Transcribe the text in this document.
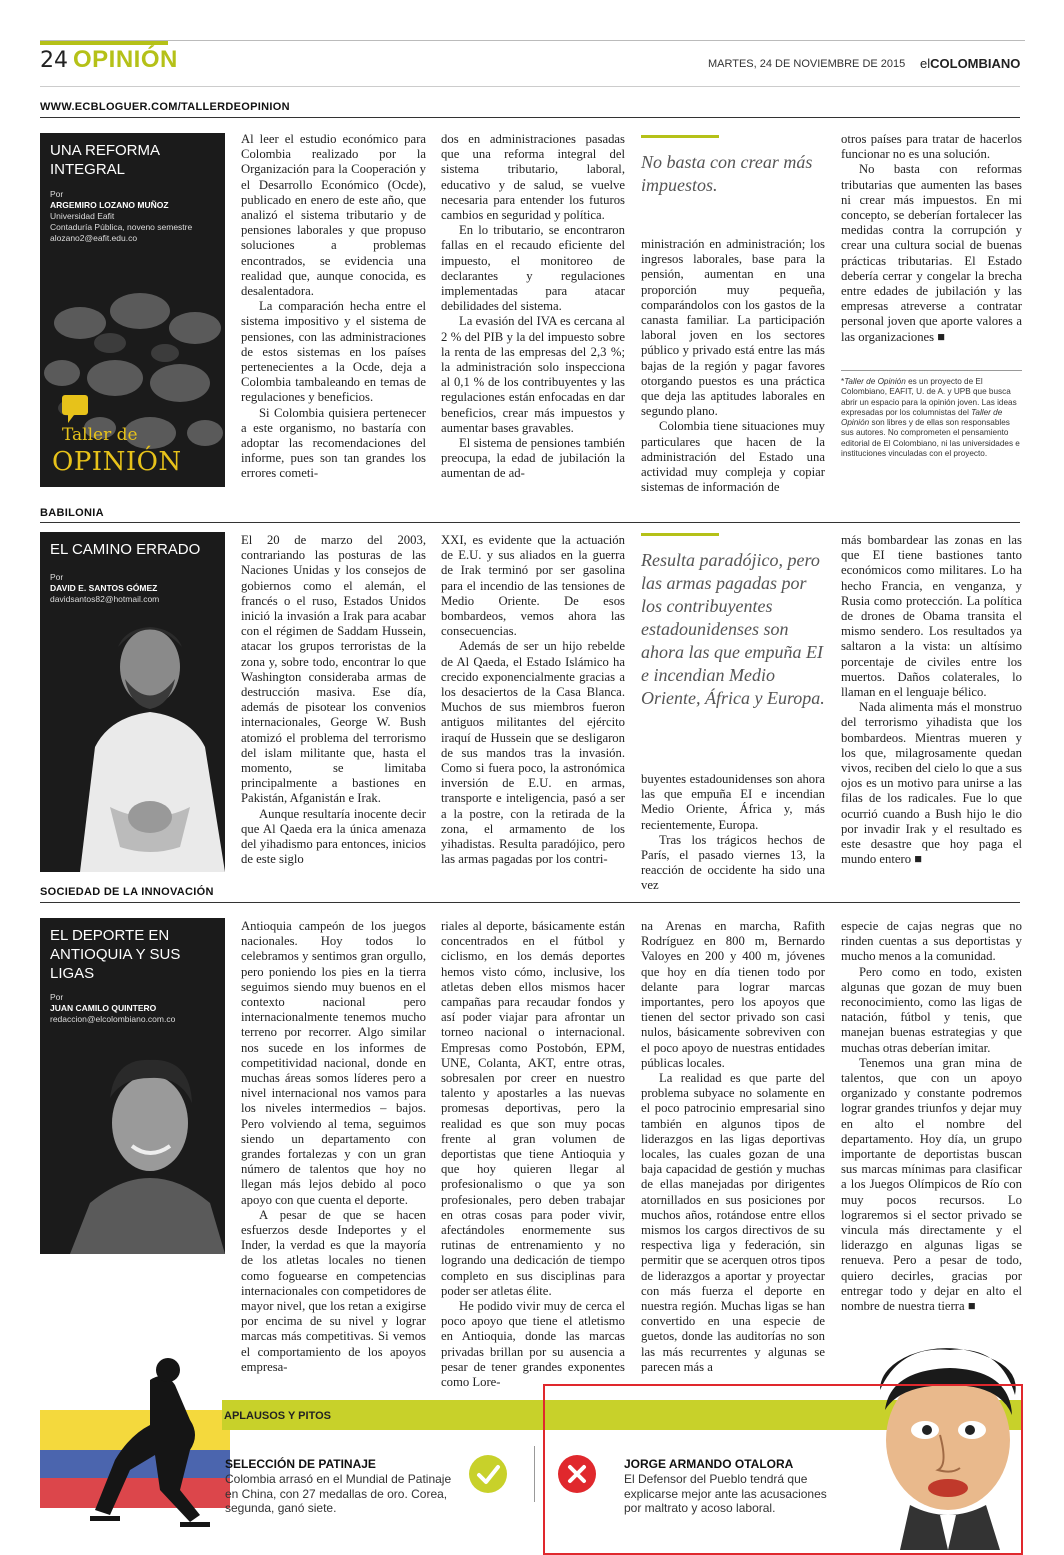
24 OPINIÓN	MARTES, 24 DE NOVIEMBRE DE 2015 elCOLOMBIANO
WWW.ECBLOGUER.COM/TALLERDEOPINION
UNA REFORMA INTEGRAL
Por
ARGEMIRO LOZANO MUÑOZ
Universidad Eafit
Contaduría Pública, noveno semestre
alozano2@eafit.edu.co
Taller de
OPINIÓN

Al leer el estudio económico para Colombia realizado por la Organización para la Cooperación y el Desarrollo Económico (Ocde), publicado en enero de este año, que analizó el sistema tributario y de pensiones laborales y que propuso soluciones a problemas encontrados, se evidencia una realidad que, aunque conocida, es desalentadora.

La comparación hecha entre el sistema impositivo y el sistema de pensiones, con las administraciones de estos sistemas en los países pertenecientes a la Ocde, deja a Colombia tambaleando en temas de regulaciones y beneficios.

Si Colombia quisiera pertenecer a este organismo, no bastaría con adoptar las recomendaciones del informe, pues son tan grandes los errores cometi-

dos en administraciones pasadas que una reforma integral del sistema tributario, laboral, educativo y de salud, se vuelve necesaria para entender los futuros cambios en seguridad y política.

En lo tributario, se encontraron fallas en el recaudo eficiente del impuesto, el monitoreo de declarantes y regulaciones implementadas para atacar debilidades del sistema.

La evasión del IVA es cercana al 2 % del PIB y la del impuesto sobre la renta de las empresas del 2,3 %; la administración solo inspecciona al 0,1 % de los contribuyentes y las regulaciones están enfocadas en dar beneficios, crear más impuestos y aumentar bases gravables.

El sistema de pensiones también preocupa, la edad de jubilación la aumentan de ad-

No basta con crear más impuestos.

ministración en administración; los ingresos laborales, base para la pensión, aumentan en una proporción muy pequeña, comparándolos con los gastos de la canasta familiar. La participación laboral joven en los sectores público y privado está entre las más bajas de la región y pagar favores otorgando puestos es una práctica que deja las aptitudes laborales en segundo plano.

Colombia tiene situaciones muy particulares que hacen de la administración del Estado una actividad muy compleja y copiar sistemas de información de

otros países para tratar de hacerlos funcionar no es una solución.

No basta con reformas tributarias que aumenten las bases ni crear más impuestos. En mi concepto, se deberían fortalecer las medidas contra la corrupción y crear una cultura social de buenas prácticas tributarias. El Estado debería cerrar y congelar la brecha entre edades de jubilación y las empresas atreverse a contratar personal joven que aporte valores a las organizaciones ■

*Taller de Opinión es un proyecto de El Colombiano, EAFIT, U. de A. y UPB que busca abrir un espacio para la opinión joven. Las ideas expresadas por los columnistas del Taller de Opinión son libres y de ellas son responsables sus autores. No comprometen el pensamiento editorial de El Colombiano, ni las universidades e instituciones vinculadas con el proyecto.
BABILONIA
EL CAMINO ERRADO
Por
DAVID E. SANTOS GÓMEZ
davidsantos82@hotmail.com

El 20 de marzo del 2003, contrariando las posturas de las Naciones Unidas y los consejos de gobiernos como el alemán, el francés o el ruso, Estados Unidos inició la invasión a Irak para acabar con el régimen de Saddam Hussein, atacar los grupos terroristas de la zona y, sobre todo, encontrar lo que Washington consideraba armas de destrucción masiva. Ese día, además de pisotear los convenios internacionales, George W. Bush atomizó el problema del terrorismo del islam militante que, hasta el momento, se limitaba principalmente a bastiones en Pakistán, Afganistán e Irak.

Aunque resultaría inocente decir que Al Qaeda era la única amenaza del yihadismo para entonces, inicios de este siglo

XXI, es evidente que la actuación de E.U. y sus aliados en la guerra de Irak terminó por ser gasolina para el incendio de las tensiones de Medio Oriente. De esos bombardeos, vemos ahora las consecuencias.

Además de ser un hijo rebelde de Al Qaeda, el Estado Islámico ha crecido exponencialmente gracias a los desaciertos de la Casa Blanca. Muchos de sus miembros fueron antiguos militantes del ejército iraquí de Hussein que se desligaron de sus mandos tras la invasión. Como si fuera poco, la astronómica inversión de E.U. en armas, transporte e inteligencia, pasó a ser a la postre, con la retirada de la zona, el armamento de los yihadistas. Resulta paradójico, pero las armas pagadas por los contri-

Resulta paradójico, pero las armas pagadas por los contribuyentes estadounidenses son ahora las que empuña EI e incendian Medio Oriente, África y Europa.

buyentes estadounidenses son ahora las que empuña EI e incendian Medio Oriente, África y, más recientemente, Europa.

Tras los trágicos hechos de París, el pasado viernes 13, la reacción de occidente ha sido una vez

más bombardear las zonas en las que EI tiene bastiones tanto económicos como militares. Lo ha hecho Francia, en venganza, y Rusia como protección. La política de drones de Obama transita el mismo sendero. Los resultados ya saltaron a la vista: un altísimo porcentaje de civiles entre los muertos. Daños colaterales, lo llaman en el lenguaje bélico.

Nada alimenta más el monstruo del terrorismo yihadista que los bombardeos. Mientras mueren y los que, milagrosamente quedan vivos, reciben del cielo lo que a sus ojos es un motivo para unirse a las filas de los radicales. Fue lo que ocurrió cuando a Bush hijo le dio por invadir Irak y el resultado es este desastre que hoy paga el mundo entero ■

SOCIEDAD DE LA INNOVACIÓN
EL DEPORTE EN ANTIOQUIA Y SUS LIGAS
Por
JUAN CAMILO QUINTERO
redaccion@elcolombiano.com.co

Antioquia campeón de los juegos nacionales. Hoy todos lo celebramos y sentimos gran orgullo, pero poniendo los pies en la tierra seguimos siendo muy buenos en el contexto nacional pero internacionalmente tenemos mucho terreno por recorrer. Algo similar nos sucede en los informes de competitividad nacional, donde en muchas áreas somos líderes pero a nivel internacional nos vamos para los niveles intermedios – bajos. Pero volviendo al tema, seguimos siendo un departamento con grandes fortalezas y con un gran número de talentos que hoy no llegan más lejos debido al poco apoyo con que cuenta el deporte.

A pesar de que se hacen esfuerzos desde Indeportes y el Inder, la verdad es que la mayoría de los atletas locales no tienen como foguearse en competencias internacionales con competidores de mayor nivel, que los retan a exigirse por encima de su nivel y lograr marcas más competitivas. Si vemos el comportamiento de los apoyos empresa-

riales al deporte, básicamente están concentrados en el fútbol y ciclismo, en los demás deportes hemos visto cómo, inclusive, los atletas deben ellos mismos hacer campañas para recaudar fondos y así poder viajar para afrontar un torneo nacional o internacional. Empresas como Postobón, EPM, UNE, Colanta, AKT, entre otras, sobresalen por creer en nuestro talento y apostarles a las nuevas promesas deportivas, pero la realidad es que son muy pocas frente al gran volumen de deportistas que tiene Antioquia y que hoy quieren llegar al profesionalismo o que ya son profesionales, pero deben trabajar en otras cosas para poder vivir, afectándoles enormemente sus rutinas de entrenamiento y no logrando una dedicación de tiempo completo en sus disciplinas para poder ser atletas élite.

He podido vivir muy de cerca el poco apoyo que tiene el atletismo en Antioquia, donde las marcas privadas brillan por su ausencia a pesar de tener grandes exponentes como Lore-

na Arenas en marcha, Rafith Rodríguez en 800 m, Bernardo Valoyes en 200 y 400 m, jóvenes que hoy en día tienen todo por delante para lograr marcas importantes, pero los apoyos que tienen del sector privado son casi nulos, básicamente sobreviven con el poco apoyo de nuestras entidades públicas locales.

La realidad es que parte del problema subyace no solamente en el poco patrocinio empresarial sino también en algunos tipos de liderazgos en las ligas deportivas locales, las cuales gozan de una baja capacidad de gestión y muchas de ellas manejadas por dirigentes atornillados en sus posiciones por muchos años, rotándose entre ellos mismos los cargos directivos de su respectiva liga y federación, sin permitir que se acerquen otros tipos de liderazgos a aportar y proyectar con más fuerza el deporte en nuestra región. Muchas ligas se han convertido en una especie de guetos, donde las auditorías no son las más recurrentes y algunas se parecen más a

especie de cajas negras que no rinden cuentas a sus deportistas y mucho menos a la comunidad.

Pero como en todo, existen algunas que gozan de muy buen reconocimiento, como las ligas de natación, fútbol y tenis, que manejan buenas estrategias y que muchas otras deberían imitar.

Tenemos una gran mina de talentos, que con un apoyo organizado y constante podremos lograr grandes triunfos y dejar muy en alto el nombre del departamento. Hoy día, un grupo importante de deportistas buscan sus marcas mínimas para clasificar a los Juegos Olímpicos de Río con muy pocos recursos. Lo lograremos si el sector privado se vincula más directamente y el liderazgo en algunas ligas se renueva. Pero a pesar de todo, quiero decirles, gracias por entregar todo y dejar en alto el nombre de nuestra tierra ■

APLAUSOS Y PITOS
SELECCIÓN DE PATINAJE
Colombia arrasó en el Mundial de Patinaje en China, con 27 medallas de oro. Corea, segunda, ganó siete.
JORGE ARMANDO OTALORA
El Defensor del Pueblo tendrá que explicarse mejor ante las acusaciones por maltrato y acoso laboral.
